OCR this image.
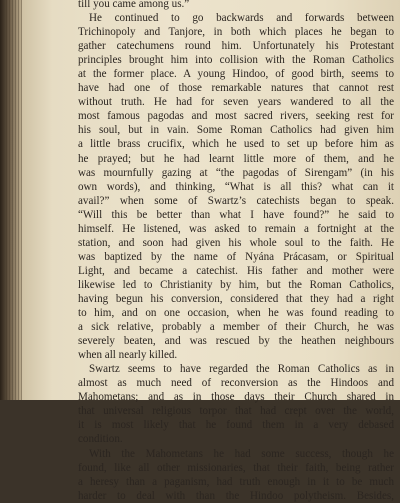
till you came among us.”
He continued to go backwards and forwards between
Trichinopoly and Tanjore, in both which places he began to
gather catechumens round him. Unfortunately his Protestant
principles brought him into collision with the Roman Catholics
at the former place. A young Hindoo, of good birth, seems to
have had one of those remarkable natures that cannot rest
without truth. He had for seven years wandered to all the
most famous pagodas and most sacred rivers, seeking rest for
his soul, but in vain. Some Roman Catholics had given him
a little brass crucifix, which he used to set up before him as
he prayed; but he had learnt little more of them, and he
was mournfully gazing at “the pagodas of Sirengam” (in his
own words), and thinking, “What is all this? what can it
avail?” when some of Swartz’s catechists began to speak.
“Will this be better than what I have found?” he said to
himself. He listened, was asked to remain a fortnight at the
station, and soon had given his whole soul to the faith. He
was baptized by the name of Nyána Prácasam, or Spiritual
Light, and became a catechist. His father and mother were
likewise led to Christianity by him, but the Roman Catholics,
having begun his conversion, considered that they had a right
to him, and on one occasion, when he was found reading to
a sick relative, probably a member of their Church, he was
severely beaten, and was rescued by the heathen neighbours
when all nearly killed.
Swartz seems to have regarded the Roman Catholics as in
almost as much need of reconversion as the Hindoos and
Mahometans; and as in those days their Church shared in
that universal religious torpor that had crept over the world,
it is most likely that he found them in a very debased
condition.
With the Mahometans he had some success, though he
found, like all other missionaries, that their faith, being rather
a heresy than a paganism, had truth enough in it to be much
harder to deal with than the Hindoo polytheism. Besides,
